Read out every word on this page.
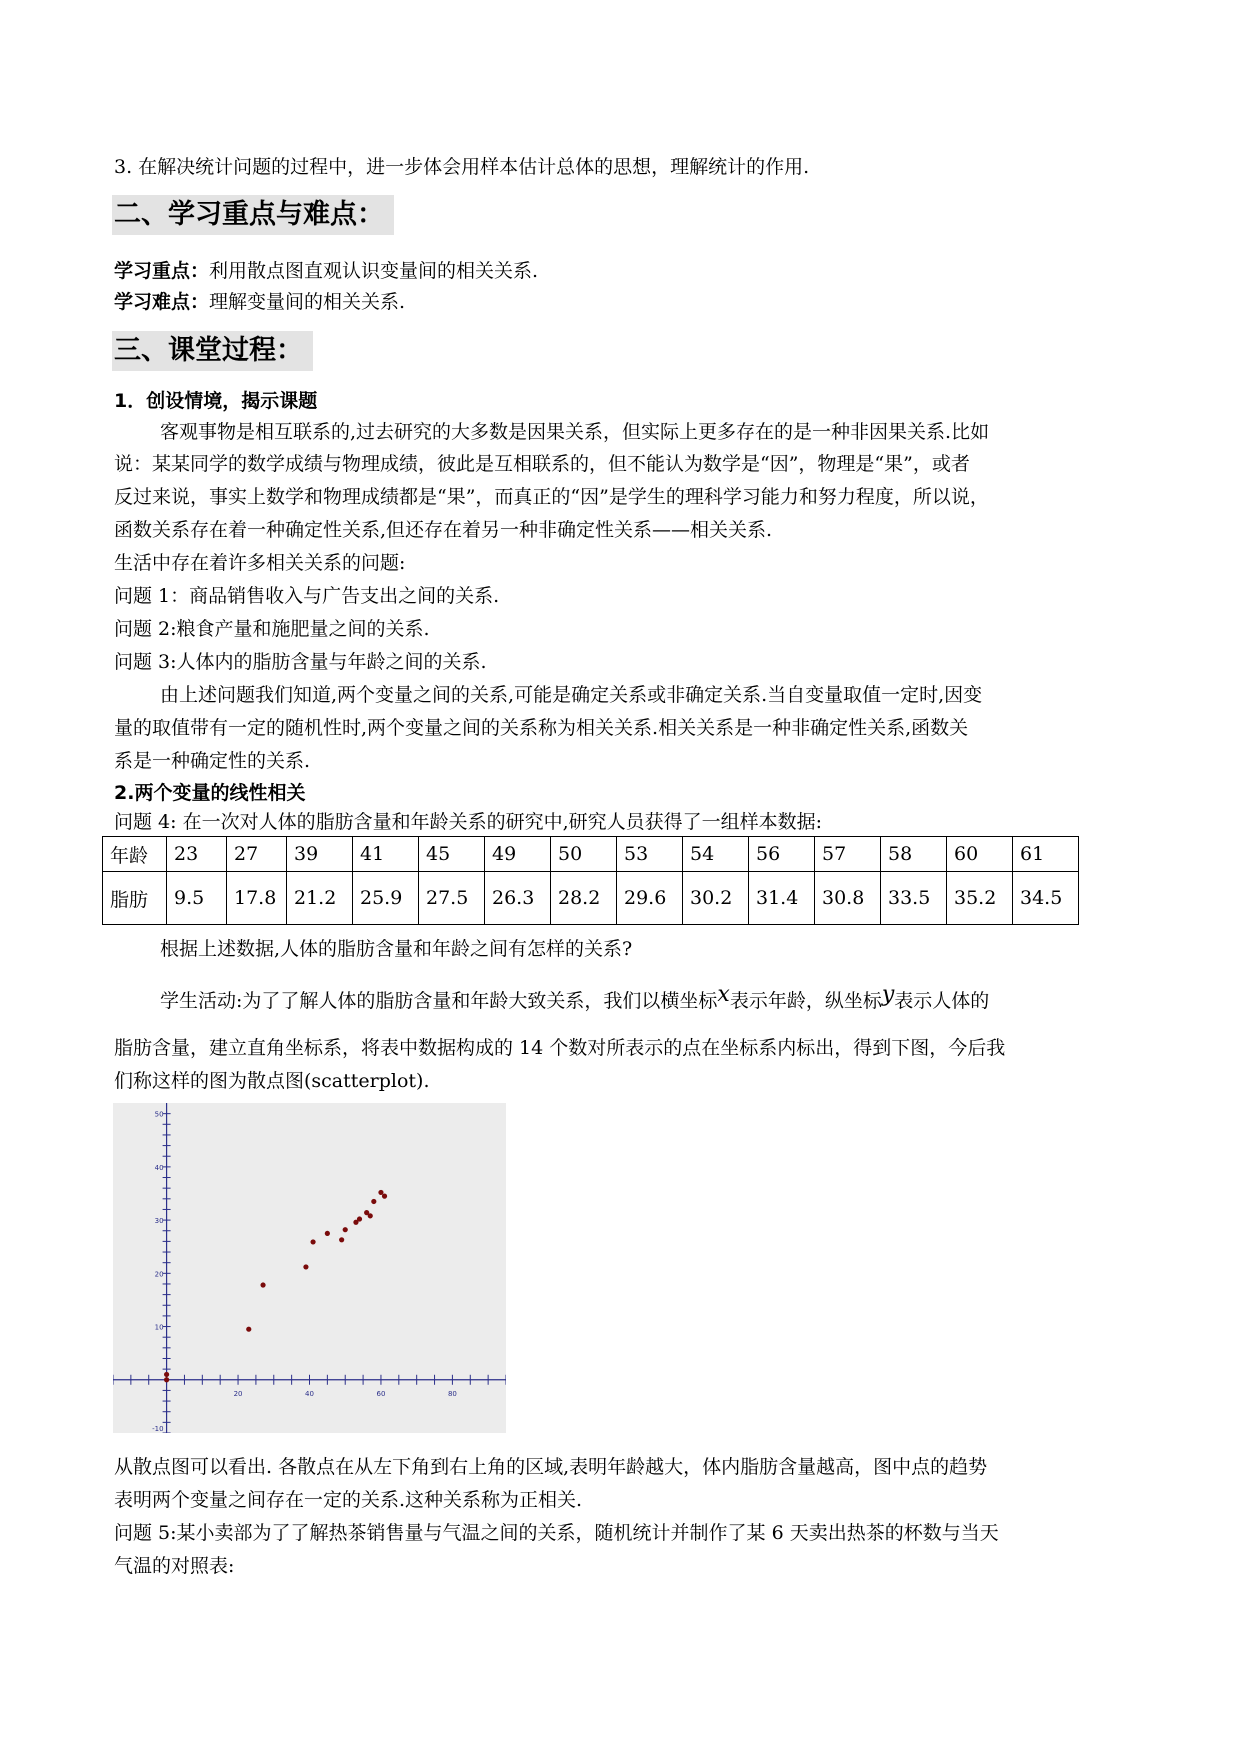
3. 在解决统计问题的过程中，进一步体会用样本估计总体的思想，理解统计的作用.
二、学习重点与难点：
学习重点：利用散点图直观认识变量间的相关关系.
学习难点：理解变量间的相关关系.
三、课堂过程：
1．创设情境，揭示课题
客观事物是相互联系的,过去研究的大多数是因果关系，但实际上更多存在的是一种非因果关系.比如
说：某某同学的数学成绩与物理成绩，彼此是互相联系的，但不能认为数学是“因”，物理是“果”，或者
反过来说，事实上数学和物理成绩都是“果”，而真正的“因”是学生的理科学习能力和努力程度，所以说，
函数关系存在着一种确定性关系,但还存在着另一种非确定性关系——相关关系.
生活中存在着许多相关关系的问题:
问题 1：商品销售收入与广告支出之间的关系.
问题 2:粮食产量和施肥量之间的关系.
问题 3:人体内的脂肪含量与年龄之间的关系.
由上述问题我们知道,两个变量之间的关系,可能是确定关系或非确定关系.当自变量取值一定时,因变
量的取值带有一定的随机性时,两个变量之间的关系称为相关关系.相关关系是一种非确定性关系,函数关
系是一种确定性的关系.
2.两个变量的线性相关
问题 4: 在一次对人体的脂肪含量和年龄关系的研究中,研究人员获得了一组样本数据:
年龄	23	27	39	41	45	49	50	53	54	56	57	58	60	61
脂肪	9.5	17.8	21.2	25.9	27.5	26.3	28.2	29.6	30.2	31.4	30.8	33.5	35.2	34.5
根据上述数据,人体的脂肪含量和年龄之间有怎样的关系?
学生活动:为了了解人体的脂肪含量和年龄大致关系，我们以横坐标x表示年龄，纵坐标y表示人体的
脂肪含量，建立直角坐标系，将表中数据构成的 14 个数对所表示的点在坐标系内标出，得到下图，今后我
们称这样的图为散点图(scatterplot).
20	40	60	80
10
20
30
40
50
-10
从散点图可以看出. 各散点在从左下角到右上角的区域,表明年龄越大，体内脂肪含量越高，图中点的趋势
表明两个变量之间存在一定的关系.这种关系称为正相关.
问题 5:某小卖部为了了解热茶销售量与气温之间的关系，随机统计并制作了某 6 天卖出热茶的杯数与当天
气温的对照表:
